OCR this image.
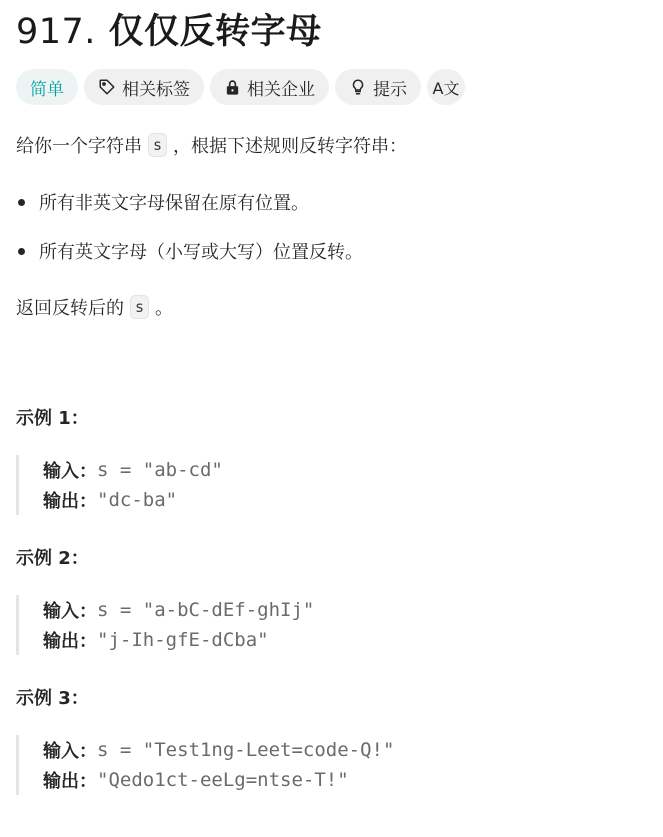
917. 仅仅反转字母
简单	相关标签	相关企业	提示 A文
给你一个字符串 s ，根据下述规则反转字符串：
所有非英文字母保留在原有位置。
所有英文字母（小写或大写）位置反转。
返回反转后的 s 。
示例 1：
输入： s = "ab-cd"
输出： "dc-ba"
示例 2：
输入： s = "a-bC-dEf-ghIj"
输出： "j-Ih-gfE-dCba"
示例 3：
输入： s = "Test1ng-Leet=code-Q!"
输出： "Qedo1ct-eeLg=ntse-T!"
